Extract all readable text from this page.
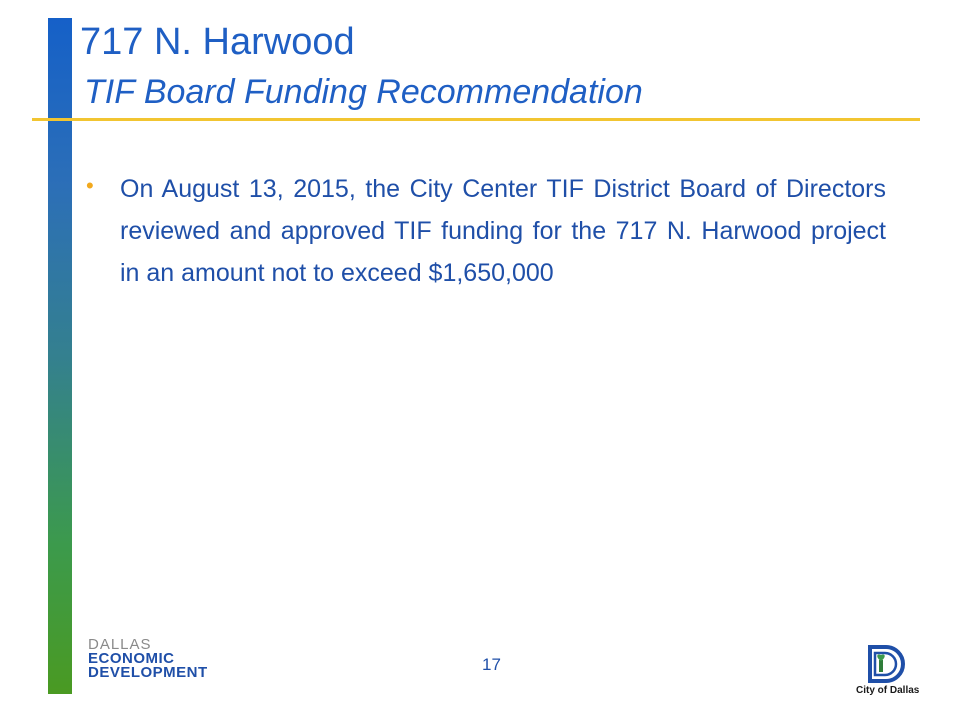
717 N. Harwood
TIF Board Funding Recommendation
• On August 13, 2015, the City Center TIF District Board of Directors reviewed and approved TIF funding for the 717 N. Harwood project in an amount not to exceed $1,650,000
DALLAS
ECONOMIC
DEVELOPMENT	17
City of Dallas
